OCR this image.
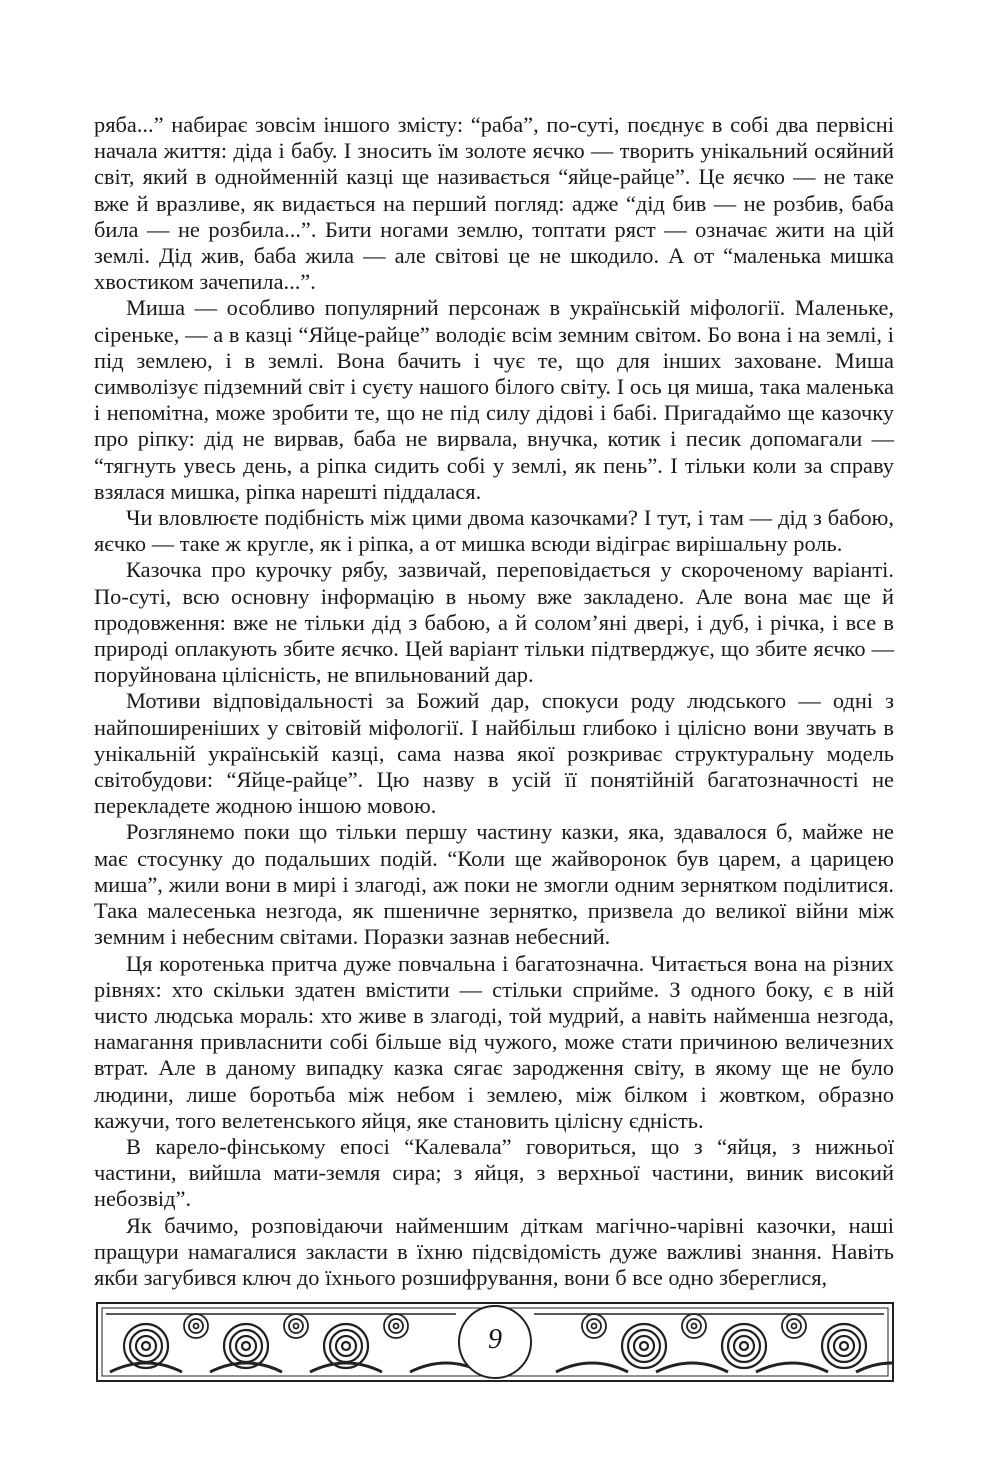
ряба...” набирає зовсім іншого змісту: “раба”, по-суті, поєднує в собі два первісні начала життя: діда і бабу. І зносить їм золоте яєчко — творить унікальний осяйний світ, який в однойменній казці ще називається “яйце-райце”. Це яєчко — не таке вже й вразливе, як видається на перший погляд: адже “дід бив — не розбив, баба била — не розбила...”. Бити ногами землю, топтати ряст — означає жити на цій землі. Дід жив, баба жила — але світові це не шкодило. А от “маленька мишка хвостиком зачепила...”.

Миша — особливо популярний персонаж в українській міфології. Маленьке, сіреньке, — а в казці “Яйце-райце” володіє всім земним світом. Бо вона і на землі, і під землею, і в землі. Вона бачить і чує те, що для інших заховане. Миша символізує підземний світ і суєту нашого білого світу. І ось ця миша, така маленька і непомітна, може зробити те, що не під силу дідові і бабі. Пригадаймо ще казочку про ріпку: дід не вирвав, баба не вирвала, внучка, котик і песик допомагали — “тягнуть увесь день, а ріпка сидить собі у землі, як пень”. І тільки коли за справу взялася мишка, ріпка нарешті піддалася.

Чи вловлюєте подібність між цими двома казочками? І тут, і там — дід з бабою, яєчко — таке ж кругле, як і ріпка, а от мишка всюди відіграє вирішальну роль.

Казочка про курочку рябу, зазвичай, переповідається у скороченому варіанті. По-суті, всю основну інформацію в ньому вже закладено. Але вона має ще й продовження: вже не тільки дід з бабою, а й солом’яні двері, і дуб, і річка, і все в природі оплакують збите яєчко. Цей варіант тільки підтверджує, що збите яєчко — поруйнована цілісність, не впильнований дар.

Мотиви відповідальності за Божий дар, спокуси роду людського — одні з найпоширеніших у світовій міфології. І найбільш глибоко і цілісно вони звучать в унікальній українській казці, сама назва якої розкриває структуральну модель світобудови: “Яйце-райце”. Цю назву в усій її понятійній багатозначності не перекладете жодною іншою мовою.

Розглянемо поки що тільки першу частину казки, яка, здавалося б, майже не має стосунку до подальших подій. “Коли ще жайворонок був царем, а царицею миша”, жили вони в мирі і злагоді, аж поки не змогли одним зернятком поділитися. Така малесенька незгода, як пшеничне зернятко, призвела до великої війни між земним і небесним світами. Поразки зазнав небесний.

Ця коротенька притча дуже повчальна і багатозначна. Читається вона на різних рівнях: хто скільки здатен вмістити — стільки сприйме. З одного боку, є в ній чисто людська мораль: хто живе в злагоді, той мудрий, а навіть найменша незгода, намагання привласнити собі більше від чужого, може стати причиною величезних втрат. Але в даному випадку казка сягає зародження світу, в якому ще не було людини, лише боротьба між небом і землею, між білком і жовтком, образно кажучи, того велетенського яйця, яке становить цілісну єдність.

В карело-фінському епосі “Калевала” говориться, що з “яйця, з нижньої частини, вийшла мати-земля сира; з яйця, з верхньої частини, виник високий небозвід”.

Як бачимо, розповідаючи найменшим діткам магічно-чарівні казочки, наші пращури намагалися закласти в їхню підсвідомість дуже важливі знання. Навіть якби загубився ключ до їхнього розшифрування, вони б все одно збереглися,

9
